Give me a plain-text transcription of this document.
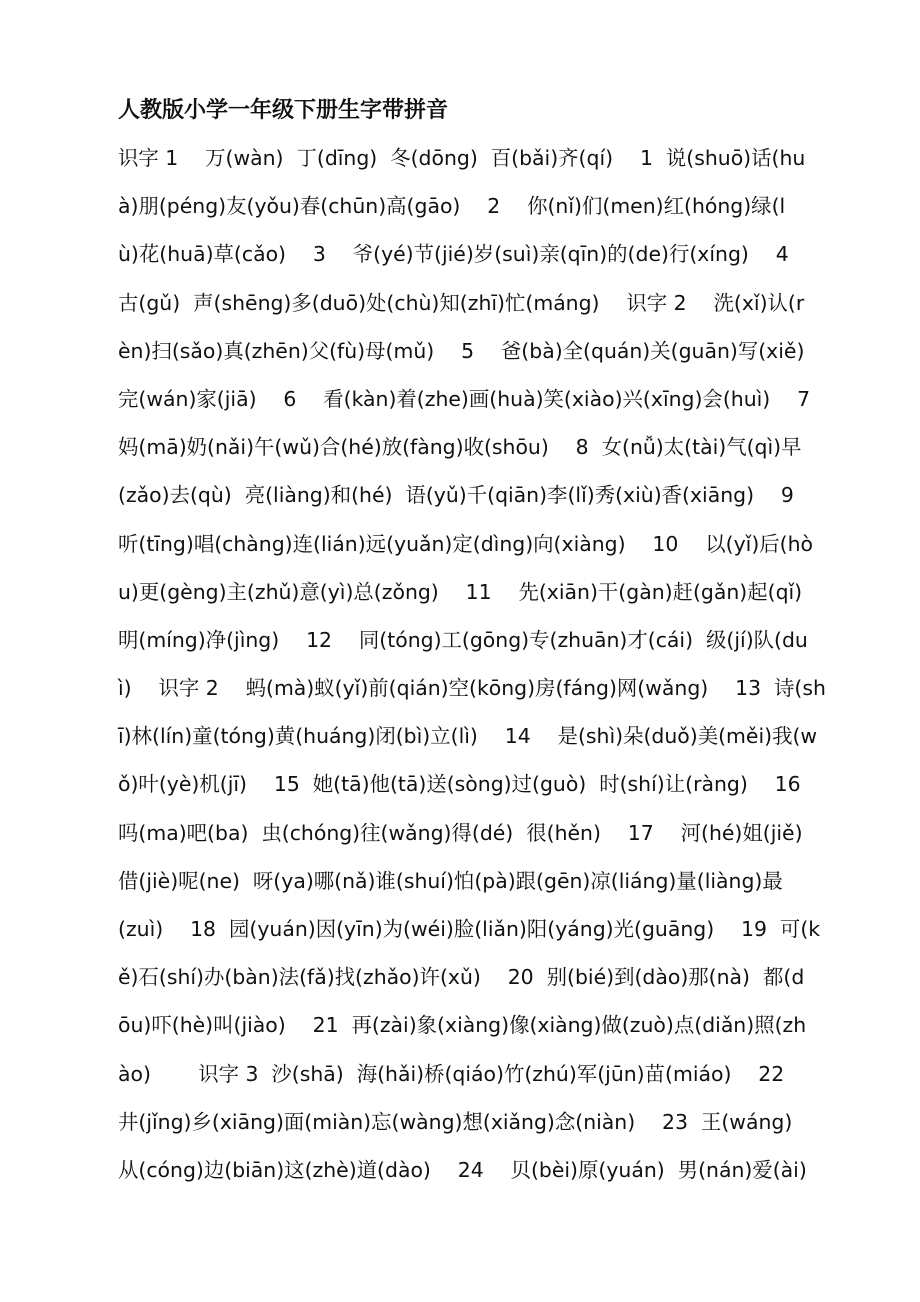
人教版小学一年级下册生字带拼音
识字 1　 万(wàn)  丁(dīng)  冬(dōng)  百(bǎi)齐(qí)　 1  说(shuō)话(hu
à)朋(péng)友(yǒu)春(chūn)高(gāo)　 2　 你(nǐ)们(men)红(hóng)绿(l
ù)花(huā)草(cǎo)　 3　 爷(yé)节(jié)岁(suì)亲(qīn)的(de)行(xíng)　 4
古(gǔ)  声(shēng)多(duō)处(chù)知(zhī)忙(máng)　 识字 2　 洗(xǐ)认(r
èn)扫(sǎo)真(zhēn)父(fù)母(mǔ)　 5　 爸(bà)全(quán)关(guān)写(xiě)
完(wán)家(jiā)　 6　 看(kàn)着(zhe)画(huà)笑(xiào)兴(xīng)会(huì)　 7
妈(mā)奶(nǎi)午(wǔ)合(hé)放(fàng)收(shōu)　 8  女(nǚ)太(tài)气(qì)早
(zǎo)去(qù)  亮(liàng)和(hé)  语(yǔ)千(qiān)李(lǐ)秀(xiù)香(xiāng)　 9
听(tīng)唱(chàng)连(lián)远(yuǎn)定(dìng)向(xiàng)　 10　 以(yǐ)后(hò
u)更(gèng)主(zhǔ)意(yì)总(zǒng)　 11　 先(xiān)干(gàn)赶(gǎn)起(qǐ)
明(míng)净(jìng)　 12　 同(tóng)工(gōng)专(zhuān)才(cái)  级(jí)队(du
ì)　 识字 2　 蚂(mà)蚁(yǐ)前(qián)空(kōng)房(fáng)网(wǎng)　 13  诗(sh
ī)林(lín)童(tóng)黄(huáng)闭(bì)立(lì)　 14　 是(shì)朵(duǒ)美(měi)我(w
ǒ)叶(yè)机(jī)　 15  她(tā)他(tā)送(sòng)过(guò)  时(shí)让(ràng)　 16
吗(ma)吧(ba)  虫(chóng)往(wǎng)得(dé)  很(hěn)　 17　 河(hé)姐(jiě)
借(jiè)呢(ne)  呀(ya)哪(nǎ)谁(shuí)怕(pà)跟(gēn)凉(liáng)量(liàng)最
(zuì)　 18  园(yuán)因(yīn)为(wéi)脸(liǎn)阳(yáng)光(guāng)　 19  可(k
ě)石(shí)办(bàn)法(fǎ)找(zhǎo)许(xǔ)　 20  别(bié)到(dào)那(nà)  都(d
ōu)吓(hè)叫(jiào)　 21  再(zài)象(xiàng)像(xiàng)做(zuò)点(diǎn)照(zh
ào)　　 识字 3  沙(shā)  海(hǎi)桥(qiáo)竹(zhú)军(jūn)苗(miáo)　 22
井(jǐng)乡(xiāng)面(miàn)忘(wàng)想(xiǎng)念(niàn)　 23  王(wáng)
从(cóng)边(biān)这(zhè)道(dào)　 24　 贝(bèi)原(yuán)  男(nán)爱(ài)
